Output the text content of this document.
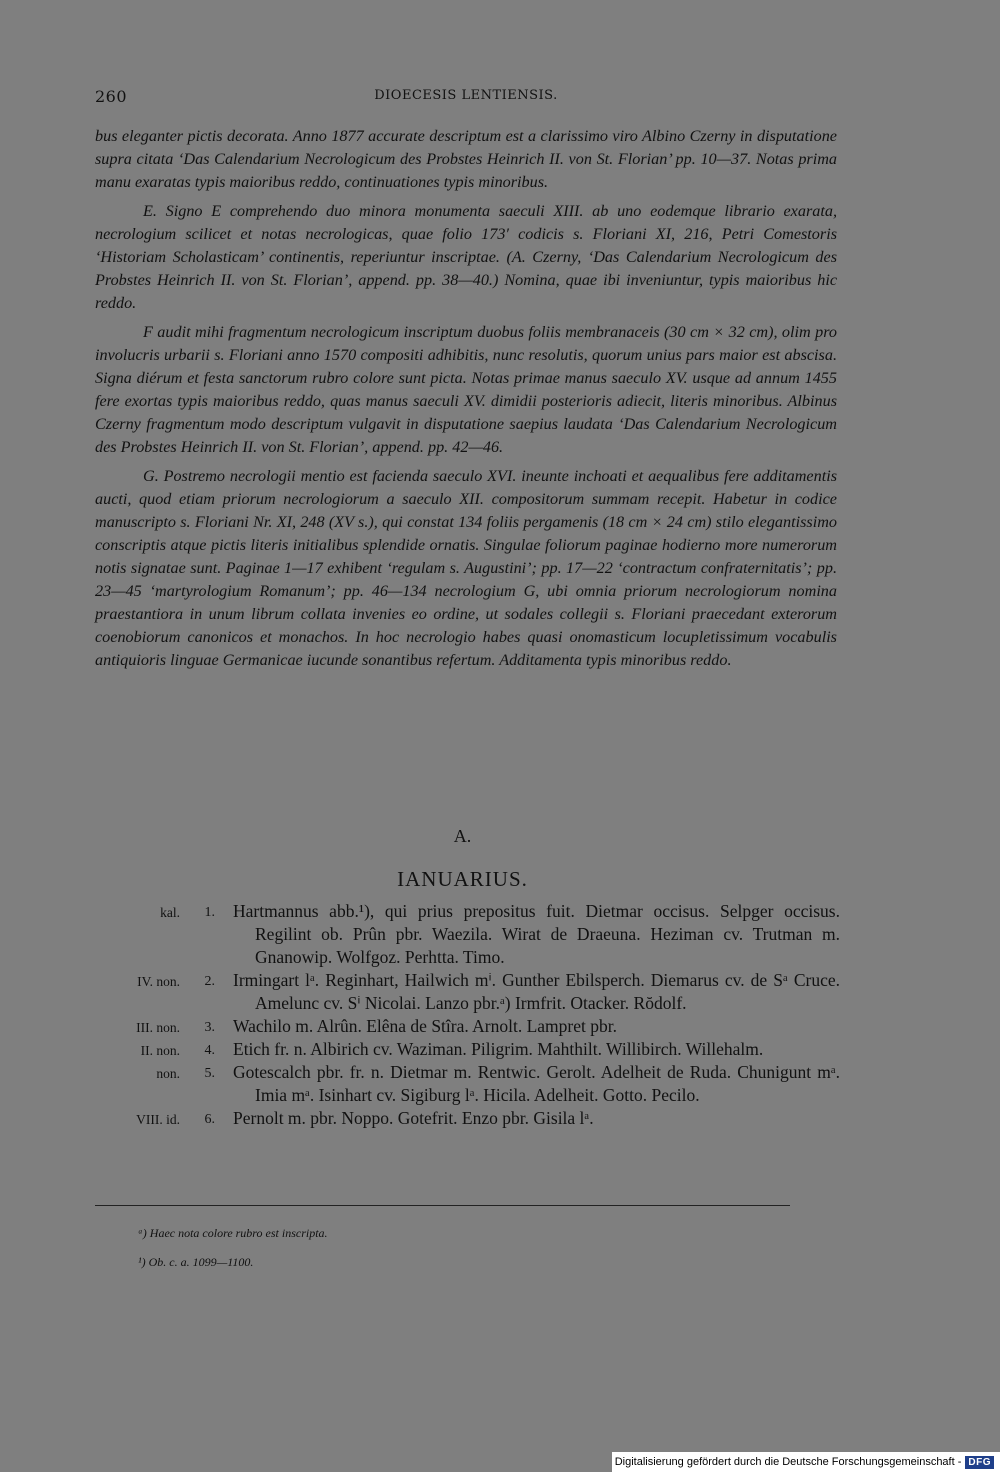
260	DIOECESIS LENTIENSIS.

bus eleganter pictis decorata. Anno 1877 accurate descriptum est a clarissimo viro Albino Czerny in disputatione supra citata ‘Das Calendarium Necrologicum des Probstes Heinrich II. von St. Florian’ pp. 10—37. Notas prima manu exaratas typis maioribus reddo, continuationes typis minoribus.

E. Signo E comprehendo duo minora monumenta saeculi XIII. ab uno eodemque librario exarata, necrologium scilicet et notas necrologicas, quae folio 173′ codicis s. Floriani XI, 216, Petri Comestoris ‘Historiam Scholasticam’ continentis, reperiuntur inscriptae. (A. Czerny, ‘Das Calendarium Necrologicum des Probstes Heinrich II. von St. Florian’, append. pp. 38—40.) Nomina, quae ibi inveniuntur, typis maioribus hic reddo.

F audit mihi fragmentum necrologicum inscriptum duobus foliis membranaceis (30 cm × 32 cm), olim pro involucris urbarii s. Floriani anno 1570 compositi adhibitis, nunc resolutis, quorum unius pars maior est abscisa. Signa diérum et festa sanctorum rubro colore sunt picta. Notas primae manus saeculo XV. usque ad annum 1455 fere exortas typis maioribus reddo, quas manus saeculi XV. dimidii posterioris adiecit, literis minoribus. Albinus Czerny fragmentum modo descriptum vulgavit in disputatione saepius laudata ‘Das Calendarium Necrologicum des Probstes Heinrich II. von St. Florian’, append. pp. 42—46.

G. Postremo necrologii mentio est facienda saeculo XVI. ineunte inchoati et aequalibus fere additamentis aucti, quod etiam priorum necrologiorum a saeculo XII. compositorum summam recepit. Habetur in codice manuscripto s. Floriani Nr. XI, 248 (XV s.), qui constat 134 foliis pergamenis (18 cm × 24 cm) stilo elegantissimo conscriptis atque pictis literis initialibus splendide ornatis. Singulae foliorum paginae hodierno more numerorum notis signatae sunt. Paginae 1—17 exhibent ‘regulam s. Augustini’; pp. 17—22 ‘contractum confraternitatis’; pp. 23—45 ‘martyrologium Romanum’; pp. 46—134 necrologium G, ubi omnia priorum necrologiorum nomina praestantiora in unum librum collata invenies eo ordine, ut sodales collegii s. Floriani praecedant exterorum coenobiorum canonicos et monachos. In hoc necrologio habes quasi onomasticum locupletissimum vocabulis antiquioris linguae Germanicae iucunde sonantibus refertum. Additamenta typis minoribus reddo.

A.
IANUARIUS.
kal.	1. Hartmannus abb.¹), qui prius prepositus fuit. Dietmar occisus. Selpger occisus. Regilint ob. Prûn pbr. Waezila. Wirat de Draeuna. Heziman cv. Trutman m. Gnanowip. Wolfgoz. Perhtta. Timo.
IV. non.	2. Irmingart lᵃ. Reginhart, Hailwich mⁱ. Gunther Ebilsperch. Diemarus cv. de Sᵃ Cruce. Amelunc cv. Sⁱ Nicolai. Lanzo pbr.ᵃ) Irmfrit. Otacker. Rŏdolf.
III. non.	3. Wachilo m. Alrûn. Elêna de Stîra. Arnolt. Lampret pbr.
II. non.	4. Etich fr. n. Albirich cv. Waziman. Piligrim. Mahthilt. Willibirch. Willehalm.
non.	5. Gotescalch pbr. fr. n. Dietmar m. Rentwic. Gerolt. Adelheit de Ruda. Chunigunt mᵃ. Imia mᵃ. Isinhart cv. Sigiburg lᵃ. Hicila. Adelheit. Gotto. Pecilo.
VIII. id.	6. Pernolt m. pbr. Noppo. Gotefrit. Enzo pbr. Gisila lᵃ.

ᵃ) Haec nota colore rubro est inscripta.

¹) Ob. c. a. 1099—1100.

Digitalisierung gefördert durch die Deutsche Forschungsgemeinschaft - DFG
